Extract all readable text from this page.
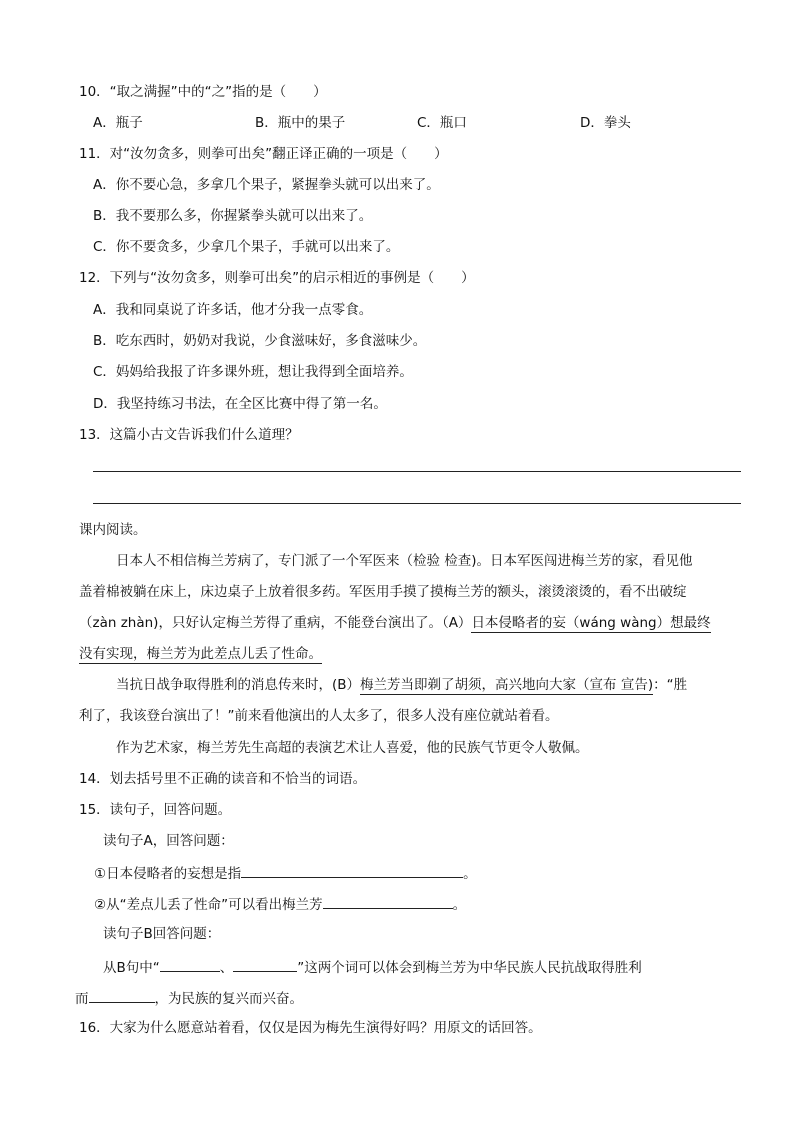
10．“取之满握”中的“之”指的是（　　）
A．瓶子	B．瓶中的果子	C．瓶口	D．拳头
11．对“汝勿贪多，则拳可出矣”翻正译正确的一项是（　　）
A．你不要心急，多拿几个果子，紧握拳头就可以出来了。
B．我不要那么多，你握紧拳头就可以出来了。
C．你不要贪多，少拿几个果子，手就可以出来了。
12．下列与“汝勿贪多，则拳可出矣”的启示相近的事例是（　　）
A．我和同桌说了许多话，他才分我一点零食。
B．吃东西时，奶奶对我说，少食滋味好，多食滋味少。
C．妈妈给我报了许多课外班，想让我得到全面培养。
D．我坚持练习书法，在全区比赛中得了第一名。
13．这篇小古文告诉我们什么道理？
课内阅读。
日本人不相信梅兰芳病了，专门派了一个军医来（检验 检查)。日本军医闯进梅兰芳的家，看见他
盖着棉被躺在床上，床边桌子上放着很多药。军医用手摸了摸梅兰芳的额头，滚烫滚烫的，看不出破绽
（zàn zhàn)，只好认定梅兰芳得了重病，不能登台演出了。（A）日本侵略者的妄（wáng wàng）想最终
没有实现，梅兰芳为此差点儿丢了性命。
当抗日战争取得胜利的消息传来时，(B）梅兰芳当即剃了胡须，高兴地向大家（宣布 宣告)：“胜
利了，我该登台演出了！”前来看他演出的人太多了，很多人没有座位就站着看。
作为艺术家，梅兰芳先生高超的表演艺术让人喜爱，他的民族气节更令人敬佩。
14．划去括号里不正确的读音和不恰当的词语。
15．读句子，回答问题。
读句子A，回答问题：
①日本侵略者的妄想是指	。
②从“差点儿丢了性命”可以看出梅兰芳	。
读句子B回答问题：
从B句中“	、	”这两个词可以体会到梅兰芳为中华民族人民抗战取得胜利
而	，为民族的复兴而兴奋。
16．大家为什么愿意站着看，仅仅是因为梅先生演得好吗？用原文的话回答。
